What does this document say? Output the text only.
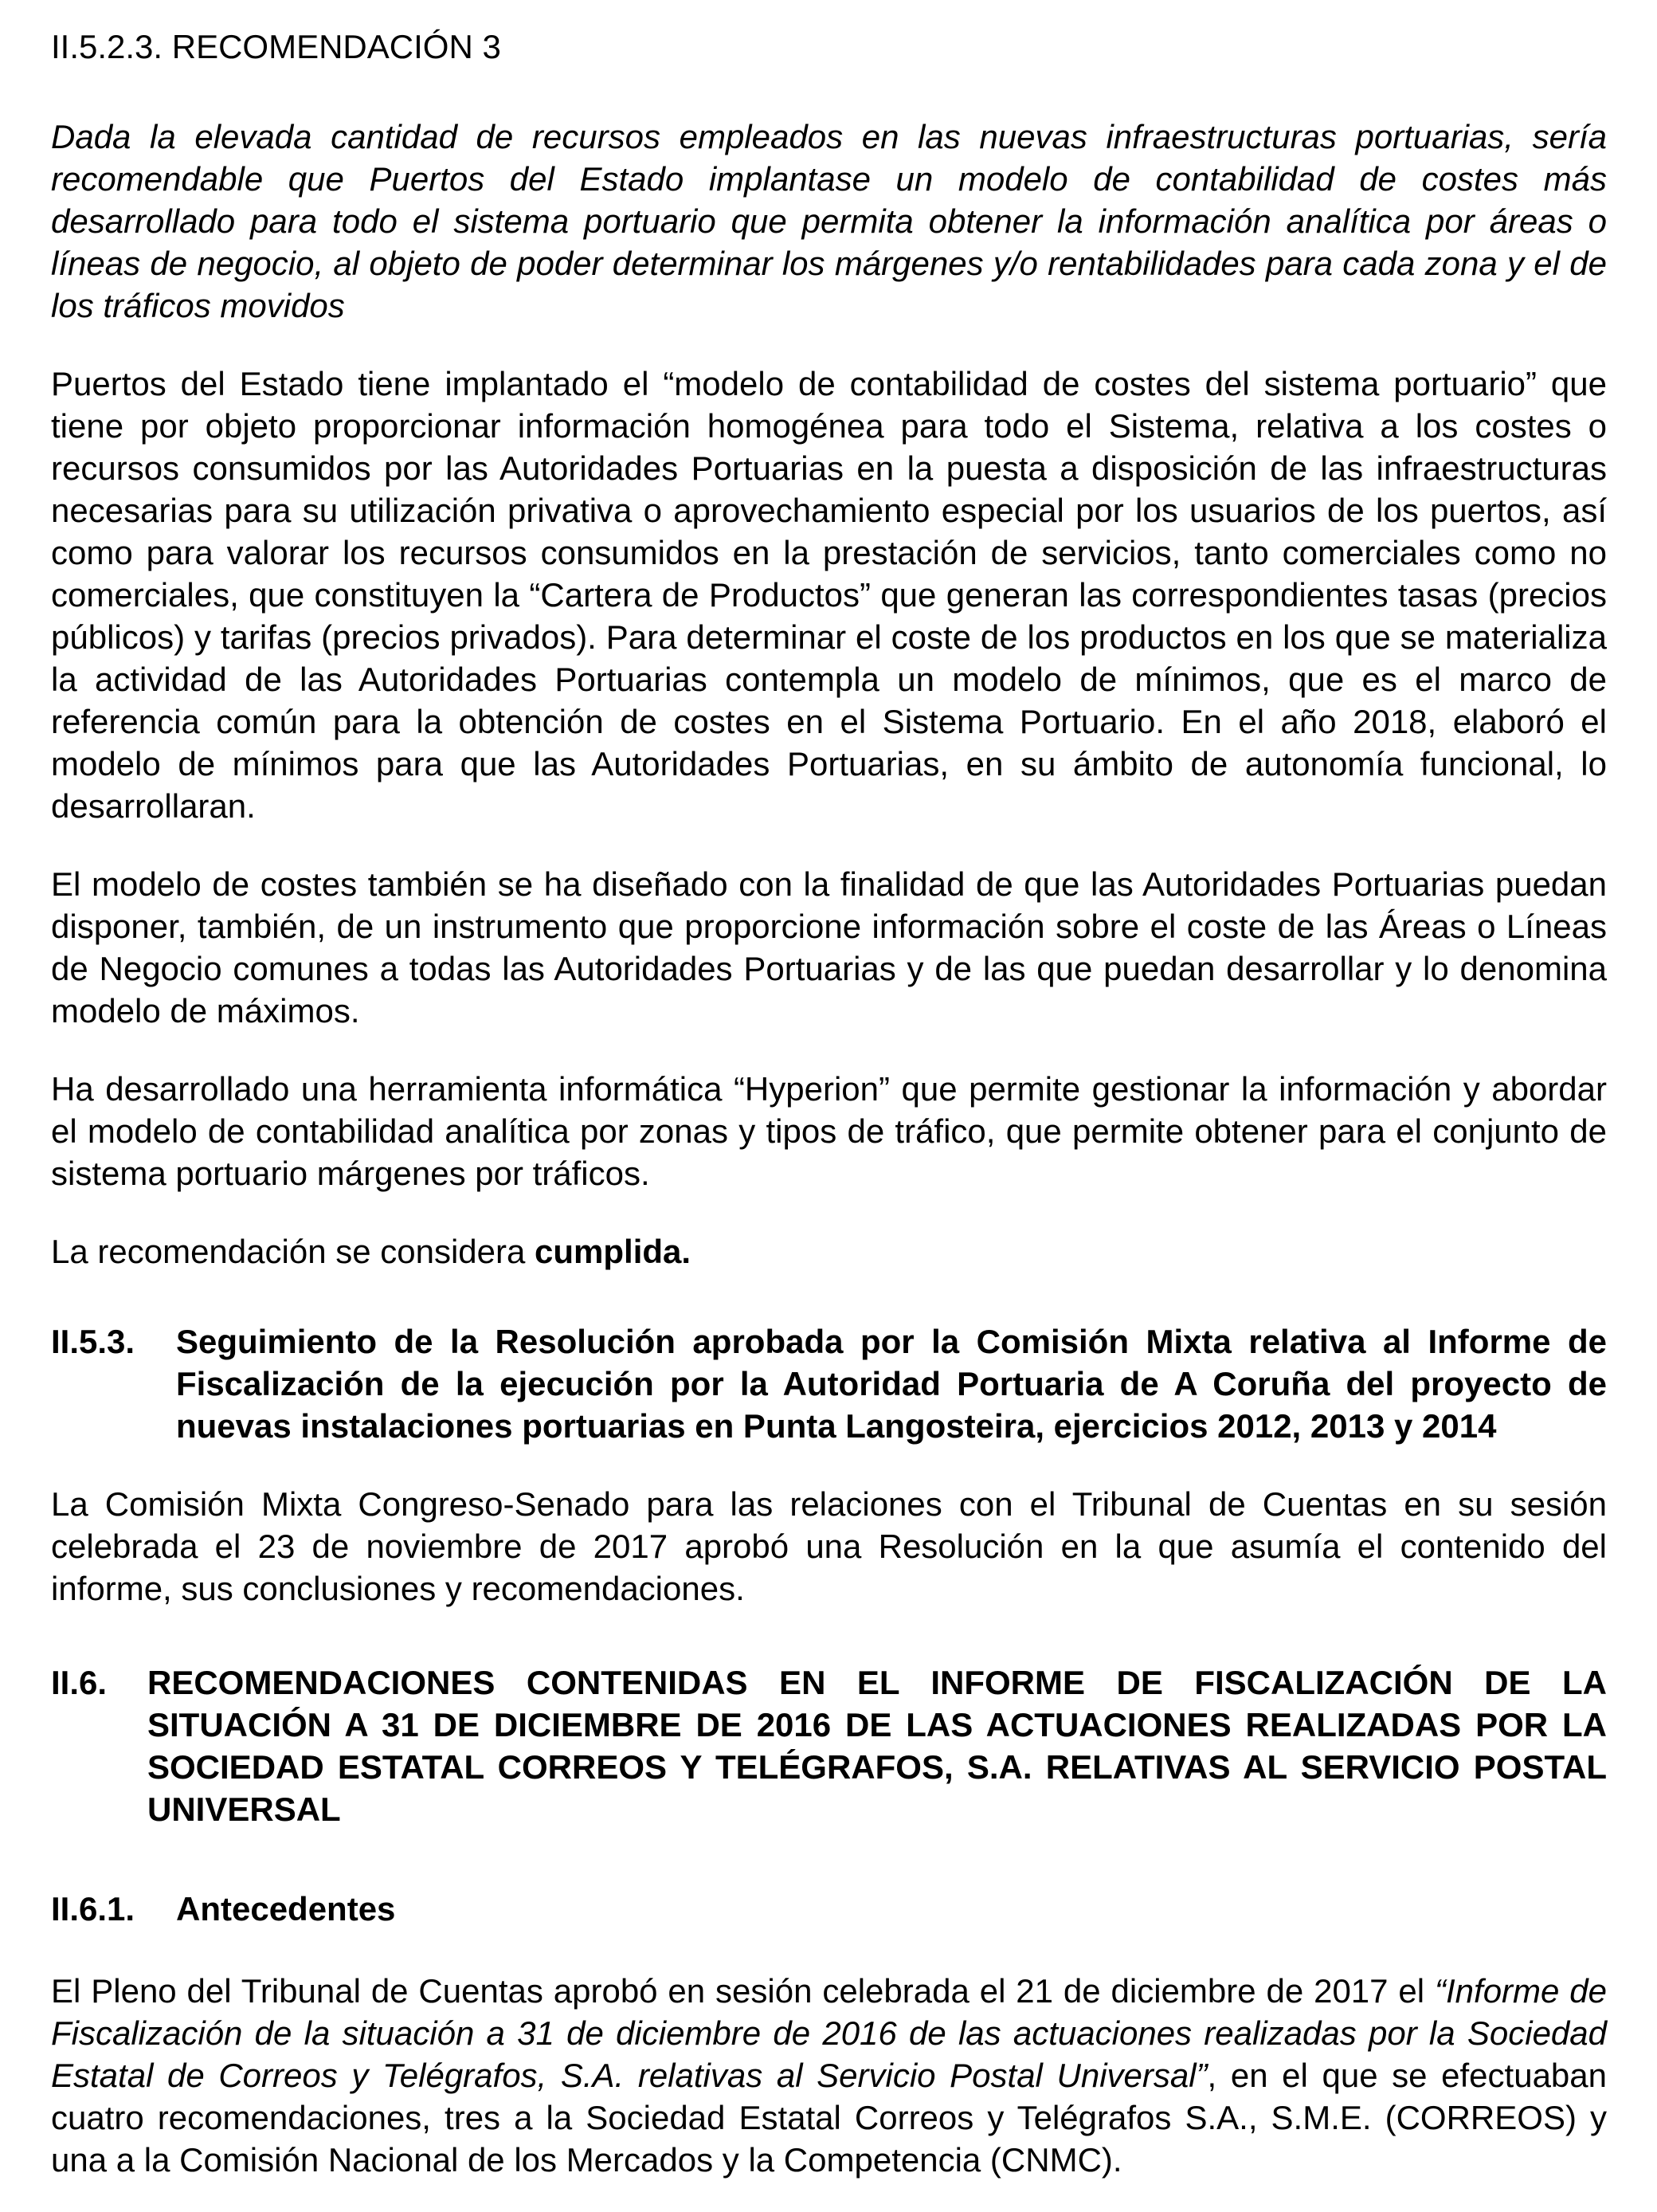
II.5.2.3. RECOMENDACIÓN 3

Dada la elevada cantidad de recursos empleados en las nuevas infraestructuras portuarias, sería recomendable que Puertos del Estado implantase un modelo de contabilidad de costes más desarrollado para todo el sistema portuario que permita obtener la información analítica por áreas o líneas de negocio, al objeto de poder determinar los márgenes y/o rentabilidades para cada zona y el de los tráficos movidos

Puertos del Estado tiene implantado el “modelo de contabilidad de costes del sistema portuario” que tiene por objeto proporcionar información homogénea para todo el Sistema, relativa a los costes o recursos consumidos por las Autoridades Portuarias en la puesta a disposición de las infraestructuras necesarias para su utilización privativa o aprovechamiento especial por los usuarios de los puertos, así como para valorar los recursos consumidos en la prestación de servicios, tanto comerciales como no comerciales, que constituyen la “Cartera de Productos” que generan las correspondientes tasas (precios públicos) y tarifas (precios privados). Para determinar el coste de los productos en los que se materializa la actividad de las Autoridades Portuarias contempla un modelo de mínimos, que es el marco de referencia común para la obtención de costes en el Sistema Portuario. En el año 2018, elaboró el modelo de mínimos para que las Autoridades Portuarias, en su ámbito de autonomía funcional, lo desarrollaran.

El modelo de costes también se ha diseñado con la finalidad de que las Autoridades Portuarias puedan disponer, también, de un instrumento que proporcione información sobre el coste de las Áreas o Líneas de Negocio comunes a todas las Autoridades Portuarias y de las que puedan desarrollar y lo denomina modelo de máximos.

Ha desarrollado una herramienta informática “Hyperion” que permite gestionar la información y abordar el modelo de contabilidad analítica por zonas y tipos de tráfico, que permite obtener para el conjunto de sistema portuario márgenes por tráficos.

La recomendación se considera cumplida.

II.5.3. Seguimiento de la Resolución aprobada por la Comisión Mixta relativa al Informe de Fiscalización de la ejecución por la Autoridad Portuaria de A Coruña del proyecto de nuevas instalaciones portuarias en Punta Langosteira, ejercicios 2012, 2013 y 2014

La Comisión Mixta Congreso-Senado para las relaciones con el Tribunal de Cuentas en su sesión celebrada el 23 de noviembre de 2017 aprobó una Resolución en la que asumía el contenido del informe, sus conclusiones y recomendaciones.

II.6. RECOMENDACIONES CONTENIDAS EN EL INFORME DE FISCALIZACIÓN DE LA SITUACIÓN A 31 DE DICIEMBRE DE 2016 DE LAS ACTUACIONES REALIZADAS POR LA SOCIEDAD ESTATAL CORREOS Y TELÉGRAFOS, S.A. RELATIVAS AL SERVICIO POSTAL UNIVERSAL
II.6.1. Antecedentes

El Pleno del Tribunal de Cuentas aprobó en sesión celebrada el 21 de diciembre de 2017 el “Informe de Fiscalización de la situación a 31 de diciembre de 2016 de las actuaciones realizadas por la Sociedad Estatal de Correos y Telégrafos, S.A. relativas al Servicio Postal Universal”, en el que se efectuaban cuatro recomendaciones, tres a la Sociedad Estatal Correos y Telégrafos S.A., S.M.E. (CORREOS) y una a la Comisión Nacional de los Mercados y la Competencia (CNMC).
